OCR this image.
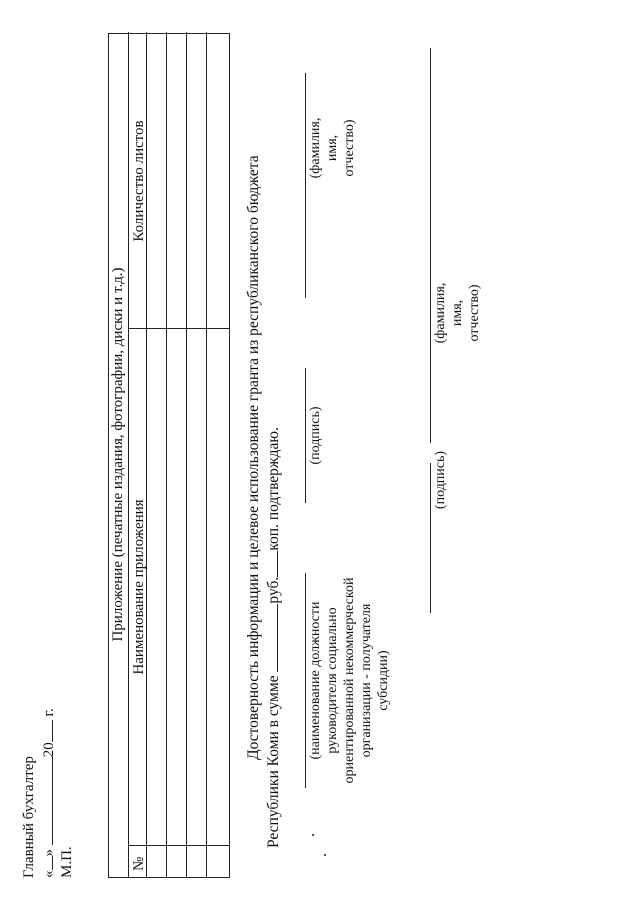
Приложение (печатные издания, фотографии, диски и т.д.)
№
Наименование приложения
Количество листов	Достоверность информации и целевое использование гранта из республиканского бюджета
Республики Коми в сумме руб.коп. подтверждаю.
(наименование должности руководителя социально ориентированной некоммерческой организации - получателя субсидии)
(подпись)
(фамилия, имя, отчество)
Главный бухгалтер
(подпись)
(фамилия, имя, отчество)
«» 20 г.
М.П.
